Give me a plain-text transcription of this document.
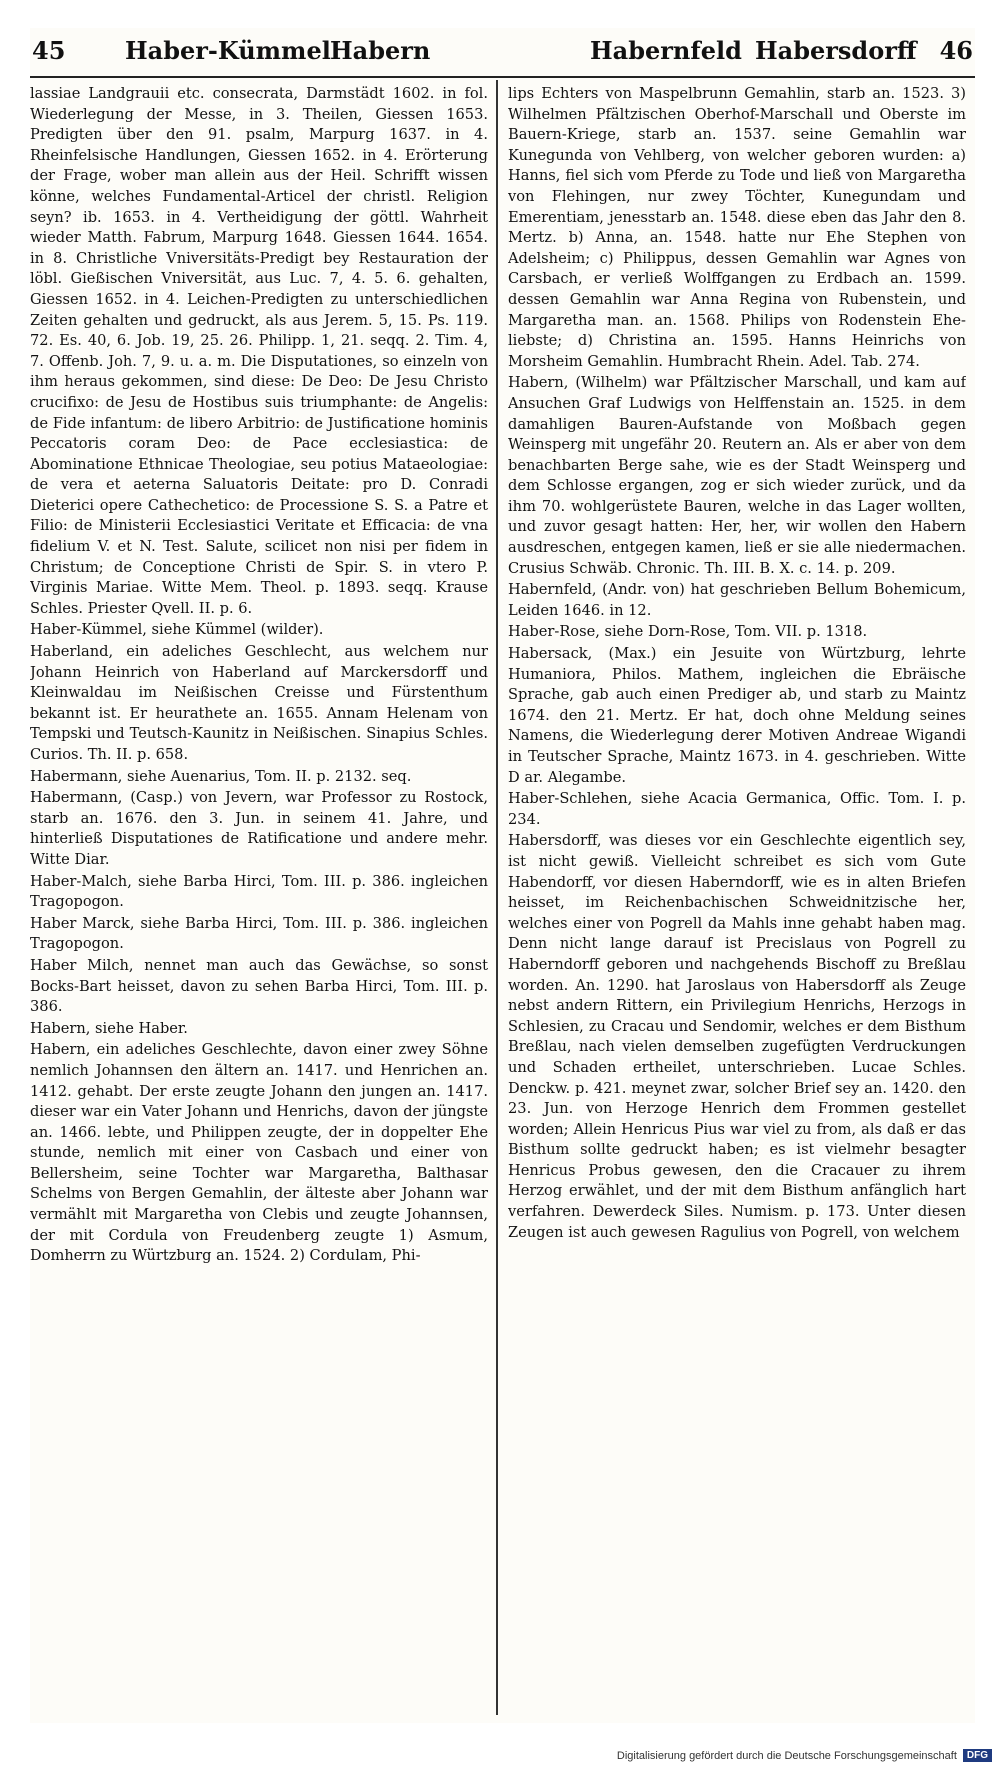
45 Haber-Kümmel Habern	Habernfeld Habersdorff 46

lassiae Landgrauii etc. consecrata, Darmstädt 1602. in fol. Wiederlegung der Messe, in 3. Theilen, Giessen 1653. Predigten über den 91. psalm, Marpurg 1637. in 4. Rheinfelsische Handlungen, Giessen 1652. in 4. Erörterung der Frage, wober man allein aus der Heil. Schrifft wissen könne, welches Fundamental-Articel der christl. Religion seyn? ib. 1653. in 4. Vertheidigung der göttl. Wahrheit wieder Matth. Fabrum, Marpurg 1648. Giessen 1644. 1654. in 8. Christliche Vniversitäts-Predigt bey Restauration der löbl. Gießischen Vniversität, aus Luc. 7, 4. 5. 6. gehalten, Giessen 1652. in 4. Leichen-Predigten zu unterschiedlichen Zeiten gehalten und gedruckt, als aus Jerem. 5, 15. Ps. 119. 72. Es. 40, 6. Job. 19, 25. 26. Philipp. 1, 21. seqq. 2. Tim. 4, 7. Offenb. Joh. 7, 9. u. a. m. Die Disputationes, so einzeln von ihm heraus gekommen, sind diese: De Deo: De Jesu Christo crucifixo: de Jesu de Hostibus suis triumphante: de Angelis: de Fide infantum: de libero Arbitrio: de Justificatione hominis Peccatoris coram Deo: de Pace ecclesiastica: de Abominatione Ethnicae Theologiae, seu potius Mataeologiae: de vera et aeterna Saluatoris Deitate: pro D. Conradi Dieterici opere Cathechetico: de Processione S. S. a Patre et Filio: de Ministerii Ecclesiastici Veritate et Efficacia: de vna fidelium V. et N. Test. Salute, scilicet non nisi per fidem in Christum; de Conceptione Christi de Spir. S. in vtero P. Virginis Mariae. Witte Mem. Theol. p. 1893. seqq. Krause Schles. Priester Qvell. II. p. 6.

Haber-Kümmel, siehe Kümmel (wilder).

Haberland, ein adeliches Geschlecht, aus welchem nur Johann Heinrich von Haberland auf Marckersdorff und Kleinwaldau im Neißischen Creisse und Fürstenthum bekannt ist. Er heurathete an. 1655. Annam Helenam von Tempski und Teutsch-Kaunitz in Neißischen. Sinapius Schles. Curios. Th. II. p. 658.

Habermann, siehe Auenarius, Tom. II. p. 2132. seq.

Habermann, (Casp.) von Jevern, war Professor zu Rostock, starb an. 1676. den 3. Jun. in seinem 41. Jahre, und hinterließ Disputationes de Ratificatione und andere mehr. Witte Diar.

Haber-Malch, siehe Barba Hirci, Tom. III. p. 386. ingleichen Tragopogon.

Haber Marck, siehe Barba Hirci, Tom. III. p. 386. ingleichen Tragopogon.

Haber Milch, nennet man auch das Gewächse, so sonst Bocks-Bart heisset, davon zu sehen Barba Hirci, Tom. III. p. 386.

Habern, siehe Haber.

Habern, ein adeliches Geschlechte, davon einer zwey Söhne nemlich Johannsen den ältern an. 1417. und Henrichen an. 1412. gehabt. Der erste zeugte Johann den jungen an. 1417. dieser war ein Vater Johann und Henrichs, davon der jüngste an. 1466. lebte, und Philippen zeugte, der in doppelter Ehe stunde, nemlich mit einer von Casbach und einer von Bellersheim, seine Tochter war Margaretha, Balthasar Schelms von Bergen Gemahlin, der älteste aber Johann war vermählt mit Margaretha von Clebis und zeugte Johannsen, der mit Cordula von Freudenberg zeugte 1) Asmum, Domherrn zu Würtzburg an. 1524. 2) Cordulam, Phi-

lips Echters von Maspelbrunn Gemahlin, starb an. 1523. 3) Wilhelmen Pfältzischen Oberhof-Marschall und Oberste im Bauern-Kriege, starb an. 1537. seine Gemahlin war Kunegunda von Vehlberg, von welcher geboren wurden: a) Hanns, fiel sich vom Pferde zu Tode und ließ von Margaretha von Flehingen, nur zwey Töchter, Kunegundam und Emerentiam, jenesstarb an. 1548. diese eben das Jahr den 8. Mertz. b) Anna, an. 1548. hatte nur Ehe Stephen von Adelsheim; c) Philippus, dessen Gemahlin war Agnes von Carsbach, er verließ Wolffgangen zu Erdbach an. 1599. dessen Gemahlin war Anna Regina von Rubenstein, und Margaretha man. an. 1568. Philips von Rodenstein Ehe-liebste; d) Christina an. 1595. Hanns Heinrichs von Morsheim Gemahlin. Humbracht Rhein. Adel. Tab. 274.

Habern, (Wilhelm) war Pfältzischer Marschall, und kam auf Ansuchen Graf Ludwigs von Helffenstain an. 1525. in dem damahligen Bauren-Aufstande von Moßbach gegen Weinsperg mit ungefähr 20. Reutern an. Als er aber von dem benachbarten Berge sahe, wie es der Stadt Weinsperg und dem Schlosse ergangen, zog er sich wieder zurück, und da ihm 70. wohlgerüstete Bauren, welche in das Lager wollten, und zuvor gesagt hatten: Her, her, wir wollen den Habern ausdreschen, entgegen kamen, ließ er sie alle niedermachen. Crusius Schwäb. Chronic. Th. III. B. X. c. 14. p. 209.

Habernfeld, (Andr. von) hat geschrieben Bellum Bohemicum, Leiden 1646. in 12.

Haber-Rose, siehe Dorn-Rose, Tom. VII. p. 1318.

Habersack, (Max.) ein Jesuite von Würtzburg, lehrte Humaniora, Philos. Mathem, ingleichen die Ebräische Sprache, gab auch einen Prediger ab, und starb zu Maintz 1674. den 21. Mertz. Er hat, doch ohne Meldung seines Namens, die Wiederlegung derer Motiven Andreae Wigandi in Teutscher Sprache, Maintz 1673. in 4. geschrieben. Witte D ar. Alegambe.

Haber-Schlehen, siehe Acacia Germanica, Offic. Tom. I. p. 234.

Habersdorff, was dieses vor ein Geschlechte eigentlich sey, ist nicht gewiß. Vielleicht schreibet es sich vom Gute Habendorff, vor diesen Haberndorff, wie es in alten Briefen heisset, im Reichenbachischen Schweidnitzische her, welches einer von Pogrell da Mahls inne gehabt haben mag. Denn nicht lange darauf ist Precislaus von Pogrell zu Haberndorff geboren und nachgehends Bischoff zu Breßlau worden. An. 1290. hat Jaroslaus von Habersdorff als Zeuge nebst andern Rittern, ein Privilegium Henrichs, Herzogs in Schlesien, zu Cracau und Sendomir, welches er dem Bisthum Breßlau, nach vielen demselben zugefügten Verdruckungen und Schaden ertheilet, unterschrieben. Lucae Schles. Denckw. p. 421. meynet zwar, solcher Brief sey an. 1420. den 23. Jun. von Herzoge Henrich dem Frommen gestellet worden; Allein Henricus Pius war viel zu from, als daß er das Bisthum sollte gedruckt haben; es ist vielmehr besagter Henricus Probus gewesen, den die Cracauer zu ihrem Herzog erwählet, und der mit dem Bisthum anfänglich hart verfahren. Dewerdeck Siles. Numism. p. 173. Unter diesen Zeugen ist auch gewesen Ragulius von Pogrell, von welchem

Digitalisierung gefördert durch die Deutsche Forschungsgemeinschaft	DFG
